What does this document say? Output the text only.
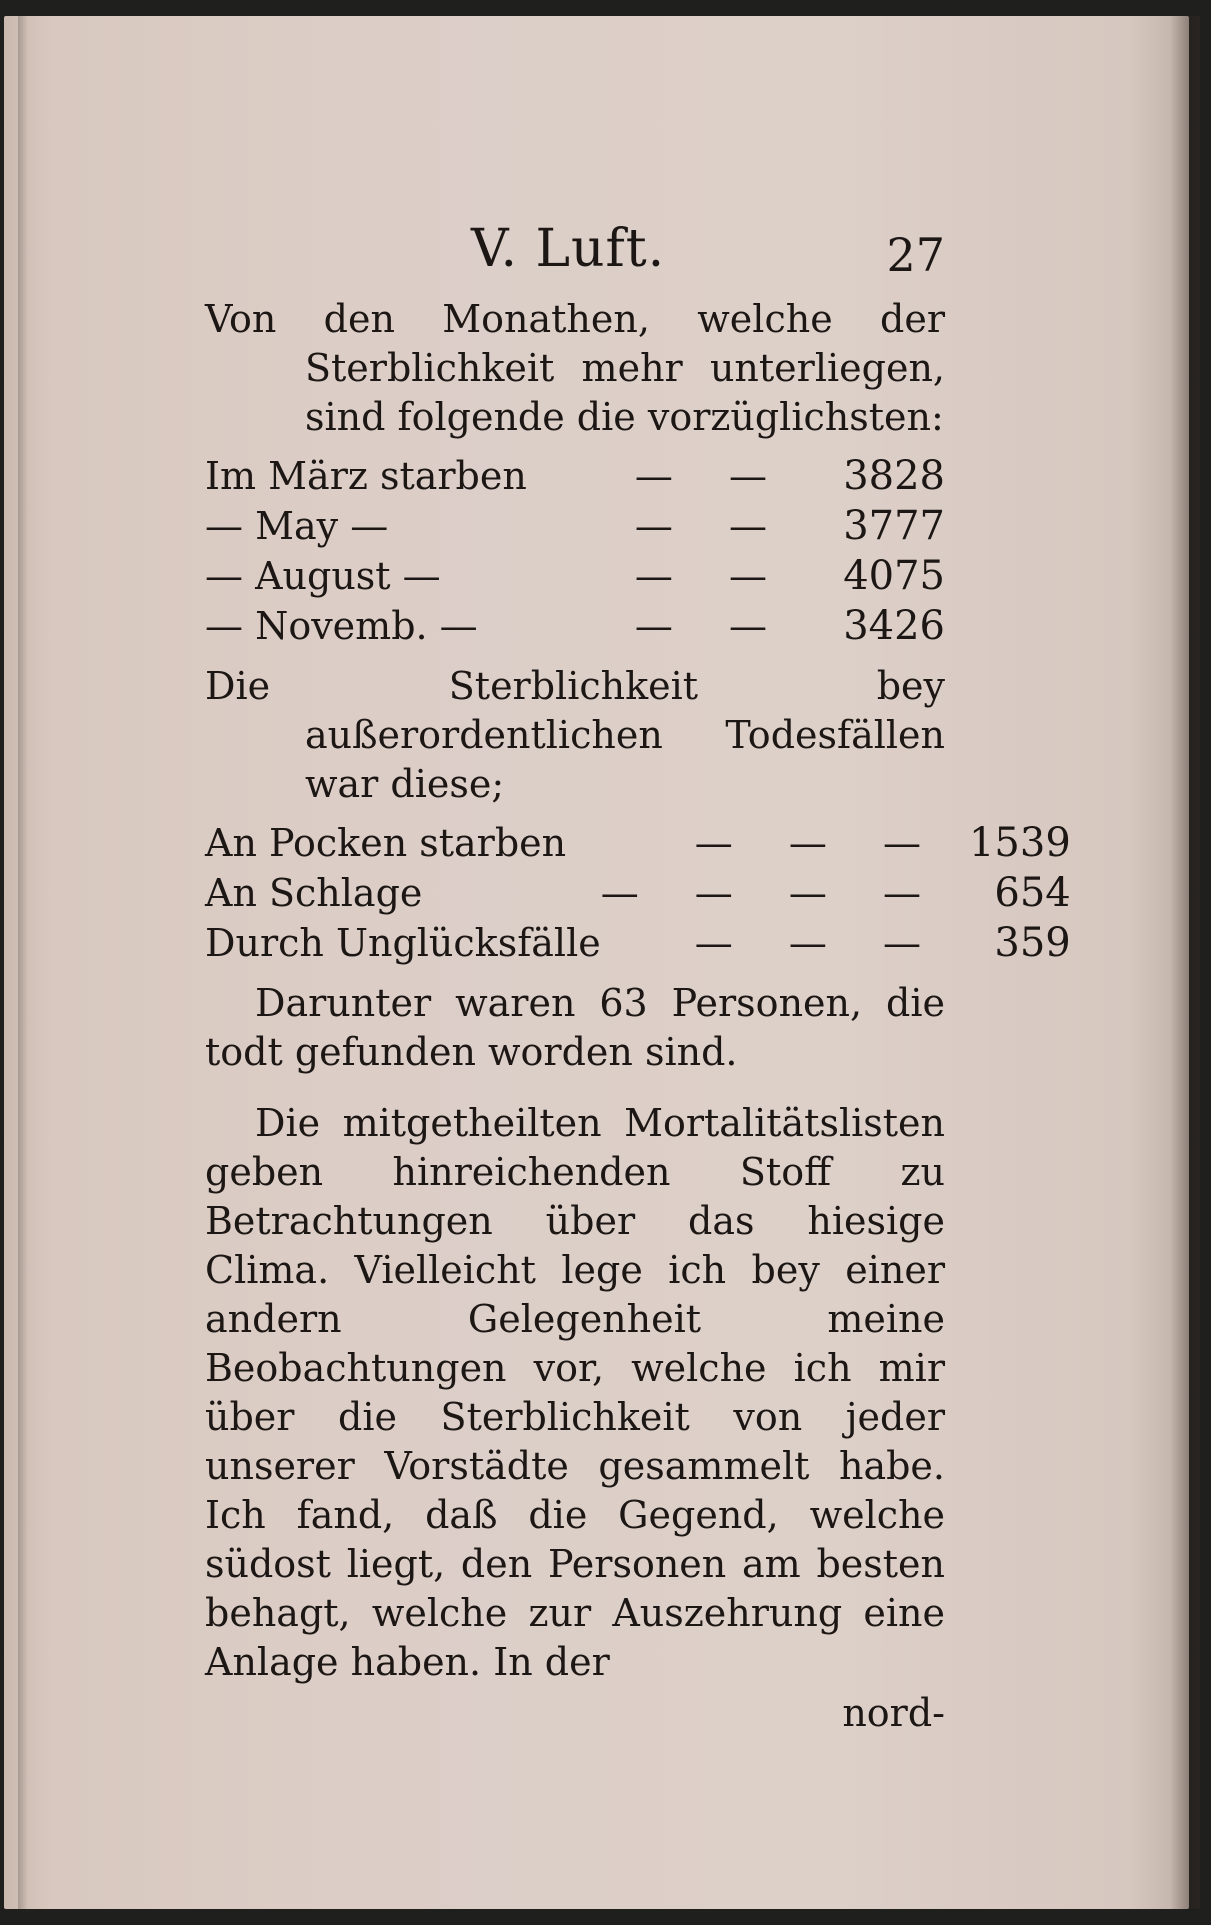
V. Luft.	27

Von den Monathen, welche der Sterblichkeit mehr unterliegen, sind folgende die vorzüglichsten:

Im März starben	— —	3828
— May —	— —	3777
— August —	— —	4075
— Novemb. —	— —	3426

Die Sterblichkeit bey außerordentlichen Todesfällen war diese;

An Pocken starben	— — —	1539
An Schlage	— — — —	654
Durch Unglücksfälle	— — —	359

Darunter waren 63 Personen, die todt gefunden worden sind.

Die mitgetheilten Mortalitätslisten geben hinreichenden Stoff zu Betrachtungen über das hiesige Clima. Vielleicht lege ich bey einer andern Gelegenheit meine Beobachtungen vor, welche ich mir über die Sterblichkeit von jeder unserer Vorstädte gesammelt habe. Ich fand, daß die Gegend, welche südost liegt, den Personen am besten behagt, welche zur Auszehrung eine Anlage haben. In der

nord-
